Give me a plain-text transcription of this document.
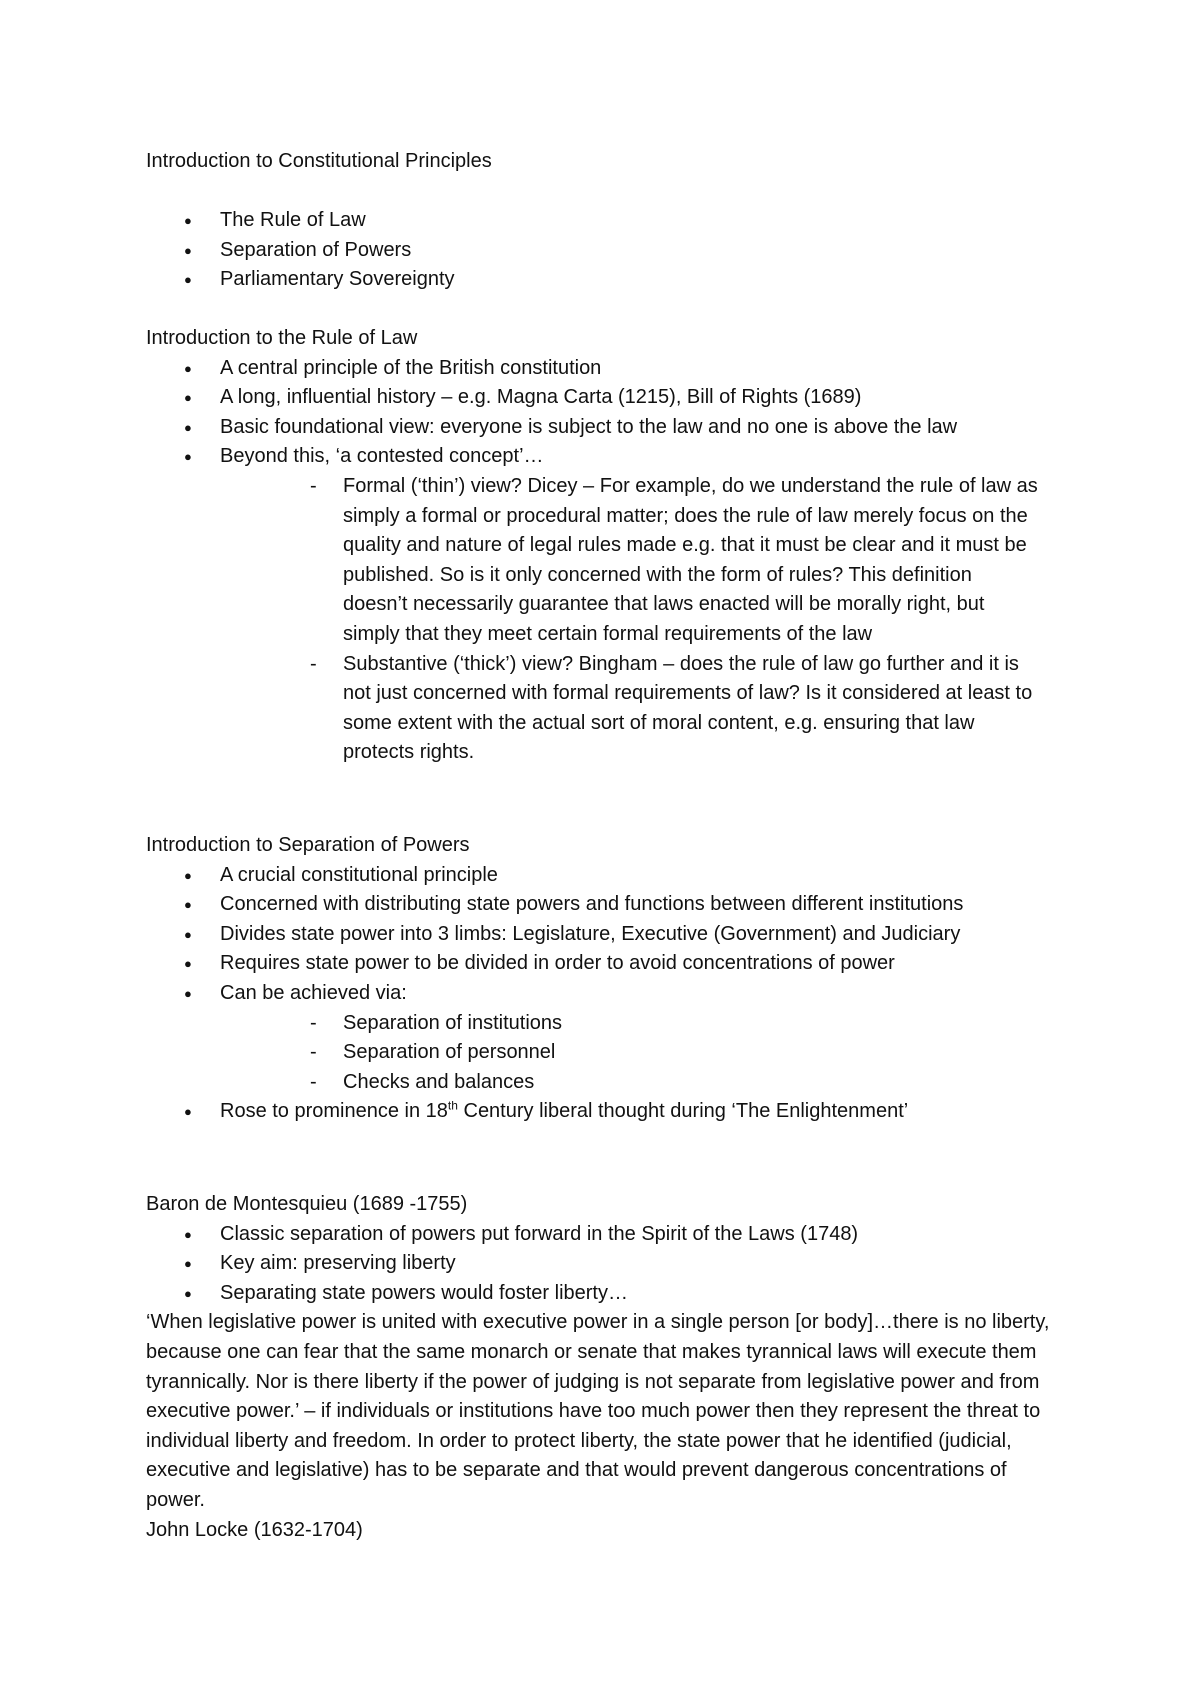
Introduction to Constitutional Principles

● The Rule of Law
● Separation of Powers
● Parliamentary Sovereignty

Introduction to the Rule of Law

● A central principle of the British constitution
● A long, influential history – e.g. Magna Carta (1215), Bill of Rights (1689)
● Basic foundational view: everyone is subject to the law and no one is above the law
● Beyond this, ‘a contested concept’…
- Formal (‘thin’) view? Dicey – For example, do we understand the rule of law as simply a formal or procedural matter; does the rule of law merely focus on the quality and nature of legal rules made e.g. that it must be clear and it must be published. So is it only concerned with the form of rules? This definition doesn’t necessarily guarantee that laws enacted will be morally right, but simply that they meet certain formal requirements of the law
- Substantive (‘thick’) view? Bingham – does the rule of law go further and it is not just concerned with formal requirements of law? Is it considered at least to some extent with the actual sort of moral content, e.g. ensuring that law protects rights.

Introduction to Separation of Powers

● A crucial constitutional principle
● Concerned with distributing state powers and functions between different institutions
● Divides state power into 3 limbs: Legislature, Executive (Government) and Judiciary
● Requires state power to be divided in order to avoid concentrations of power
● Can be achieved via:
- Separation of institutions
- Separation of personnel
- Checks and balances
● Rose to prominence in 18th Century liberal thought during ‘The Enlightenment’

Baron de Montesquieu (1689 -1755)

● Classic separation of powers put forward in the Spirit of the Laws (1748)
● Key aim: preserving liberty
● Separating state powers would foster liberty…

‘When legislative power is united with executive power in a single person [or body]…there is no liberty, because one can fear that the same monarch or senate that makes tyrannical laws will execute them tyrannically. Nor is there liberty if the power of judging is not separate from legislative power and from executive power.’ – if individuals or institutions have too much power then they represent the threat to individual liberty and freedom. In order to protect liberty, the state power that he identified (judicial, executive and legislative) has to be separate and that would prevent dangerous concentrations of power.

John Locke (1632-1704)
